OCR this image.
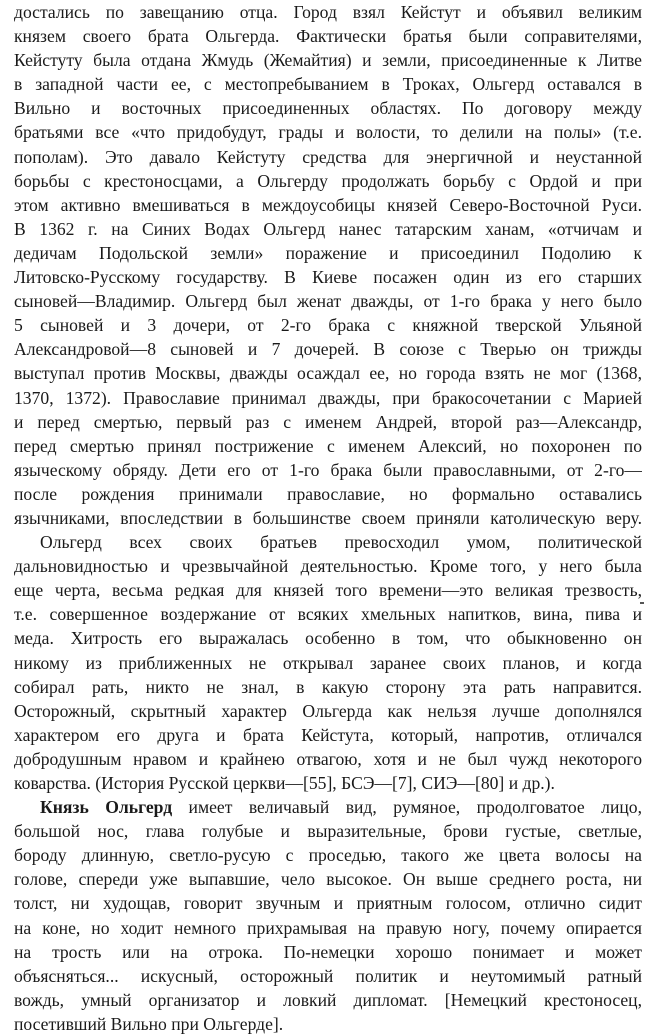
достались по завещанию отца. Город взял Кейстут и объявил великим
князем своего брата Ольгерда. Фактически братья были соправителями,
Кейстуту была отдана Жмудь (Жемайтия) и земли, присоединенные к Литве
в западной части ее, с местопребыванием в Троках, Ольгерд оставался в
Вильно и восточных присоединенных областях. По договору между
братьями все «что придобудут, грады и волости, то делили на полы» (т.е.
пополам). Это давало Кейстуту средства для энергичной и неустанной
борьбы с крестоносцами, а Ольгерду продолжать борьбу с Ордой и при
этом активно вмешиваться в междоусобицы князей Северо-Восточной Руси.
В 1362 г. на Синих Водах Ольгерд нанес татарским ханам, «отчичам и
дедичам Подольской земли» поражение и присоединил Подолию к
Литовско-Русскому государству. В Киеве посажен один из его старших
сыновей—Владимир. Ольгерд был женат дважды, от 1-го брака у него было
5 сыновей и 3 дочери, от 2-го брака с княжной тверской Ульяной
Александровой—8 сыновей и 7 дочерей. В союзе с Тверью он трижды
выступал против Москвы, дважды осаждал ее, но города взять не мог (1368,
1370, 1372). Православие принимал дважды, при бракосочетании с Марией
и перед смертью, первый раз с именем Андрей, второй раз—Александр,
перед смертью принял пострижение с именем Алексий, но похоронен по
языческому обряду. Дети его от 1-го брака были православными, от 2-го—
после рождения принимали православие, но формально оставались
язычниками, впоследствии в большинстве своем приняли католическую веру.
Ольгерд всех своих братьев превосходил умом, политической
дальновидностью и чрезвычайной деятельностью. Кроме того, у него была
еще черта, весьма редкая для князей того времени—это великая трезвость,
т.е. совершенное воздержание от всяких хмельных напитков, вина, пива и
меда. Хитрость его выражалась особенно в том, что обыкновенно он
никому из приближенных не открывал заранее своих планов, и когда
собирал рать, никто не знал, в какую сторону эта рать направится.
Осторожный, скрытный характер Ольгерда как нельзя лучше дополнялся
характером его друга и брата Кейстута, который, напротив, отличался
добродушным нравом и крайнею отвагою, хотя и не был чужд некоторого
коварства. (История Русской церкви—[55], БСЭ—[7], СИЭ—[80] и др.).
Князь Ольгерд имеет величавый вид, румяное, продолговатое лицо,
большой нос, глава голубые и выразительные, брови густые, светлые,
бороду длинную, светло-русую с проседью, такого же цвета волосы на
голове, спереди уже выпавшие, чело высокое. Он выше среднего роста, ни
толст, ни худощав, говорит звучным и приятным голосом, отлично сидит
на коне, но ходит немного прихрамывая на правую ногу, почему опирается
на трость или на отрока. По-немецки хорошо понимает и может
объясняться... искусный, осторожный политик и неутомимый ратный
вождь, умный организатор и ловкий дипломат. [Немецкий крестоносец,
посетивший Вильно при Ольгерде].
